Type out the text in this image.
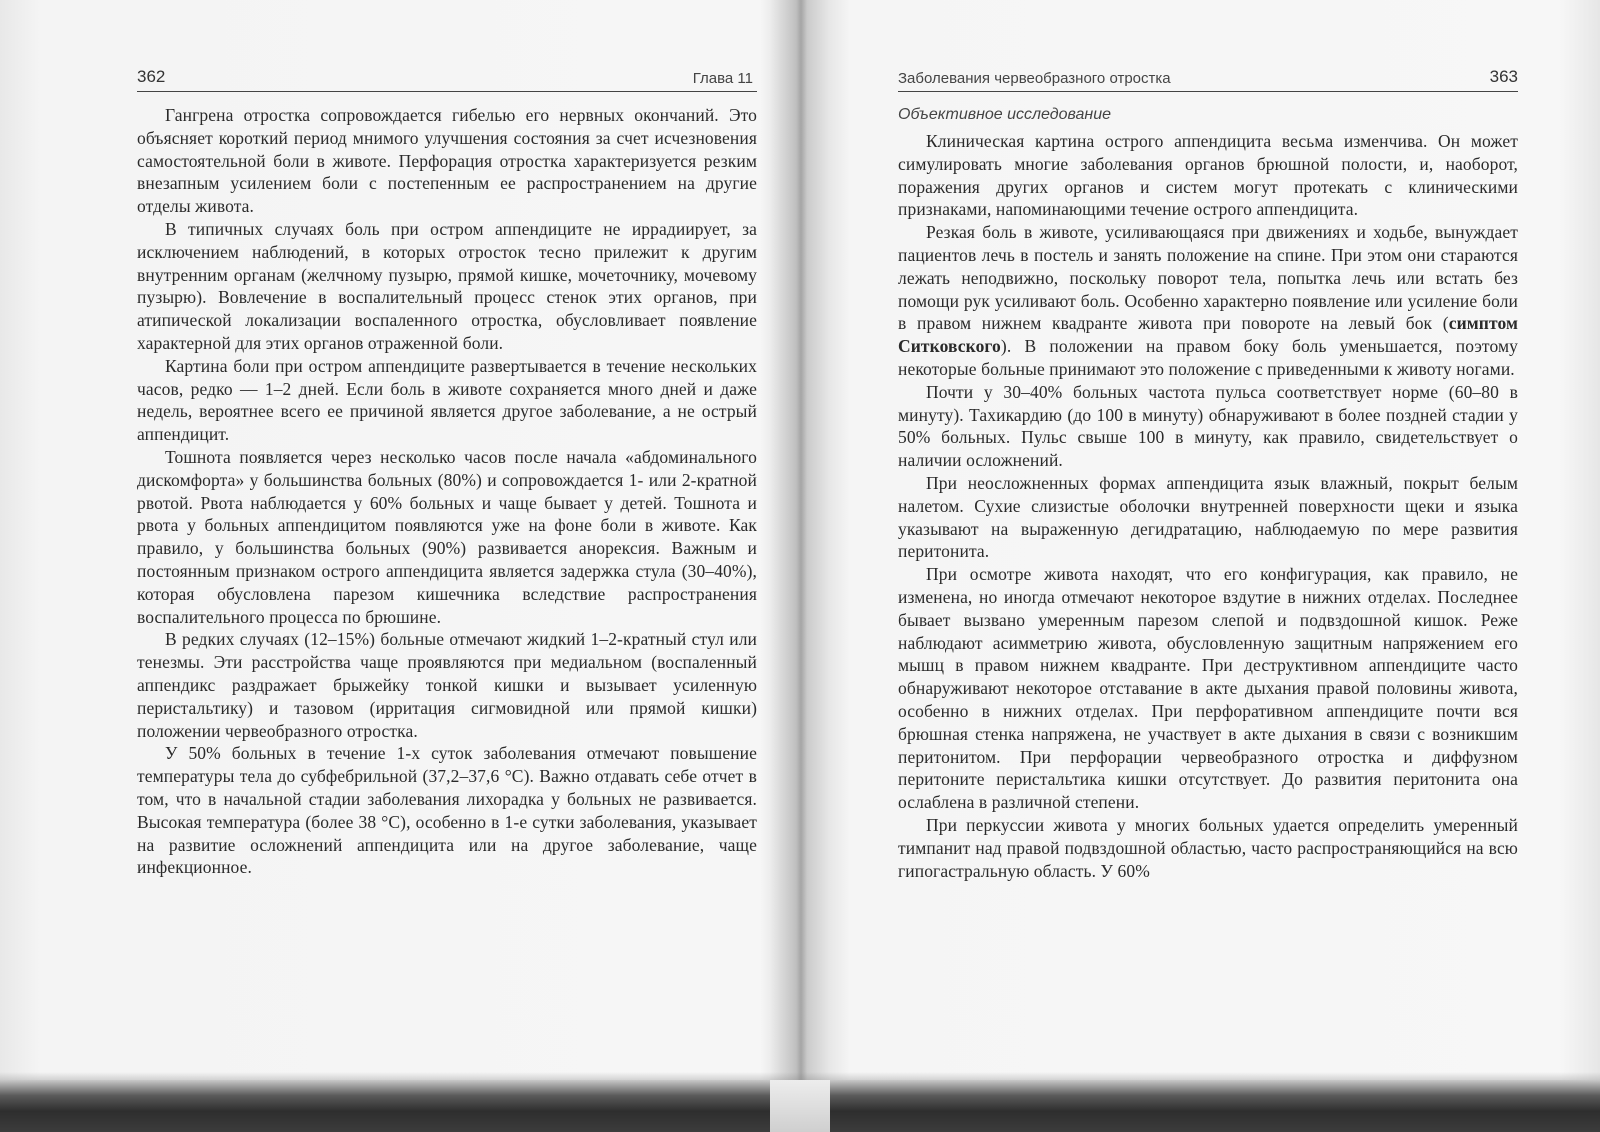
362	Глава 11

Гангрена отростка сопровождается гибелью его нервных окончаний. Это объясняет короткий период мнимого улучшения состояния за счет исчезновения самостоятельной боли в животе. Перфорация отростка характеризуется резким внезапным усилением боли с постепенным ее распространением на другие отделы живота.

В типичных случаях боль при остром аппендиците не иррадиирует, за исключением наблюдений, в которых отросток тесно прилежит к другим внутренним органам (желчному пузырю, прямой кишке, мочеточнику, мочевому пузырю). Вовлечение в воспалительный процесс стенок этих органов, при атипической локализации воспаленного отростка, обусловливает появление характерной для этих органов отраженной боли.

Картина боли при остром аппендиците развертывается в течение нескольких часов, редко — 1–2 дней. Если боль в животе сохраняется много дней и даже недель, вероятнее всего ее причиной является другое заболевание, а не острый аппендицит.

Тошнота появляется через несколько часов после начала «абдоминального дискомфорта» у большинства больных (80%) и сопровождается 1- или 2-кратной рвотой. Рвота наблюдается у 60% больных и чаще бывает у детей. Тошнота и рвота у больных аппендицитом появляются уже на фоне боли в животе. Как правило, у большинства больных (90%) развивается анорексия. Важным и постоянным признаком острого аппендицита является задержка стула (30–40%), которая обусловлена парезом кишечника вследствие распространения воспалительного процесса по брюшине.

В редких случаях (12–15%) больные отмечают жидкий 1–2-кратный стул или тенезмы. Эти расстройства чаще проявляются при медиальном (воспаленный аппендикс раздражает брыжейку тонкой кишки и вызывает усиленную перистальтику) и тазовом (ирритация сигмовидной или прямой кишки) положении червеобразного отростка.

У 50% больных в течение 1-х суток заболевания отмечают повышение температуры тела до субфебрильной (37,2–37,6 °С). Важно отдавать себе отчет в том, что в начальной стадии заболевания лихорадка у больных не развивается. Высокая температура (более 38 °С), особенно в 1-е сутки заболевания, указывает на развитие осложнений аппендицита или на другое заболевание, чаще инфекционное.

Заболевания червеобразного отростка	363
Объективное исследование

Клиническая картина острого аппендицита весьма изменчива. Он может симулировать многие заболевания органов брюшной полости, и, наоборот, поражения других органов и систем могут протекать с клиническими признаками, напоминающими течение острого аппендицита.

Резкая боль в животе, усиливающаяся при движениях и ходьбе, вынуждает пациентов лечь в постель и занять положение на спине. При этом они стараются лежать неподвижно, поскольку поворот тела, попытка лечь или встать без помощи рук усиливают боль. Особенно характерно появление или усиление боли в правом нижнем квадранте живота при повороте на левый бок (симптом Ситковского). В положении на правом боку боль уменьшается, поэтому некоторые больные принимают это положение с приведенными к животу ногами.

Почти у 30–40% больных частота пульса соответствует норме (60–80 в минуту). Тахикардию (до 100 в минуту) обнаруживают в более поздней стадии у 50% больных. Пульс свыше 100 в минуту, как правило, свидетельствует о наличии осложнений.

При неосложненных формах аппендицита язык влажный, покрыт белым налетом. Сухие слизистые оболочки внутренней поверхности щеки и языка указывают на выраженную дегидратацию, наблюдаемую по мере развития перитонита.

При осмотре живота находят, что его конфигурация, как правило, не изменена, но иногда отмечают некоторое вздутие в нижних отделах. Последнее бывает вызвано умеренным парезом слепой и подвздошной кишок. Реже наблюдают асимметрию живота, обусловленную защитным напряжением его мышц в правом нижнем квадранте. При деструктивном аппендиците часто обнаруживают некоторое отставание в акте дыхания правой половины живота, особенно в нижних отделах. При перфоративном аппендиците почти вся брюшная стенка напряжена, не участвует в акте дыхания в связи с возникшим перитонитом. При перфорации червеобразного отростка и диффузном перитоните перистальтика кишки отсутствует. До развития перитонита она ослаблена в различной степени.

При перкуссии живота у многих больных удается определить умеренный тимпанит над правой подвздошной областью, часто распространяющийся на всю гипогастральную область. У 60%
